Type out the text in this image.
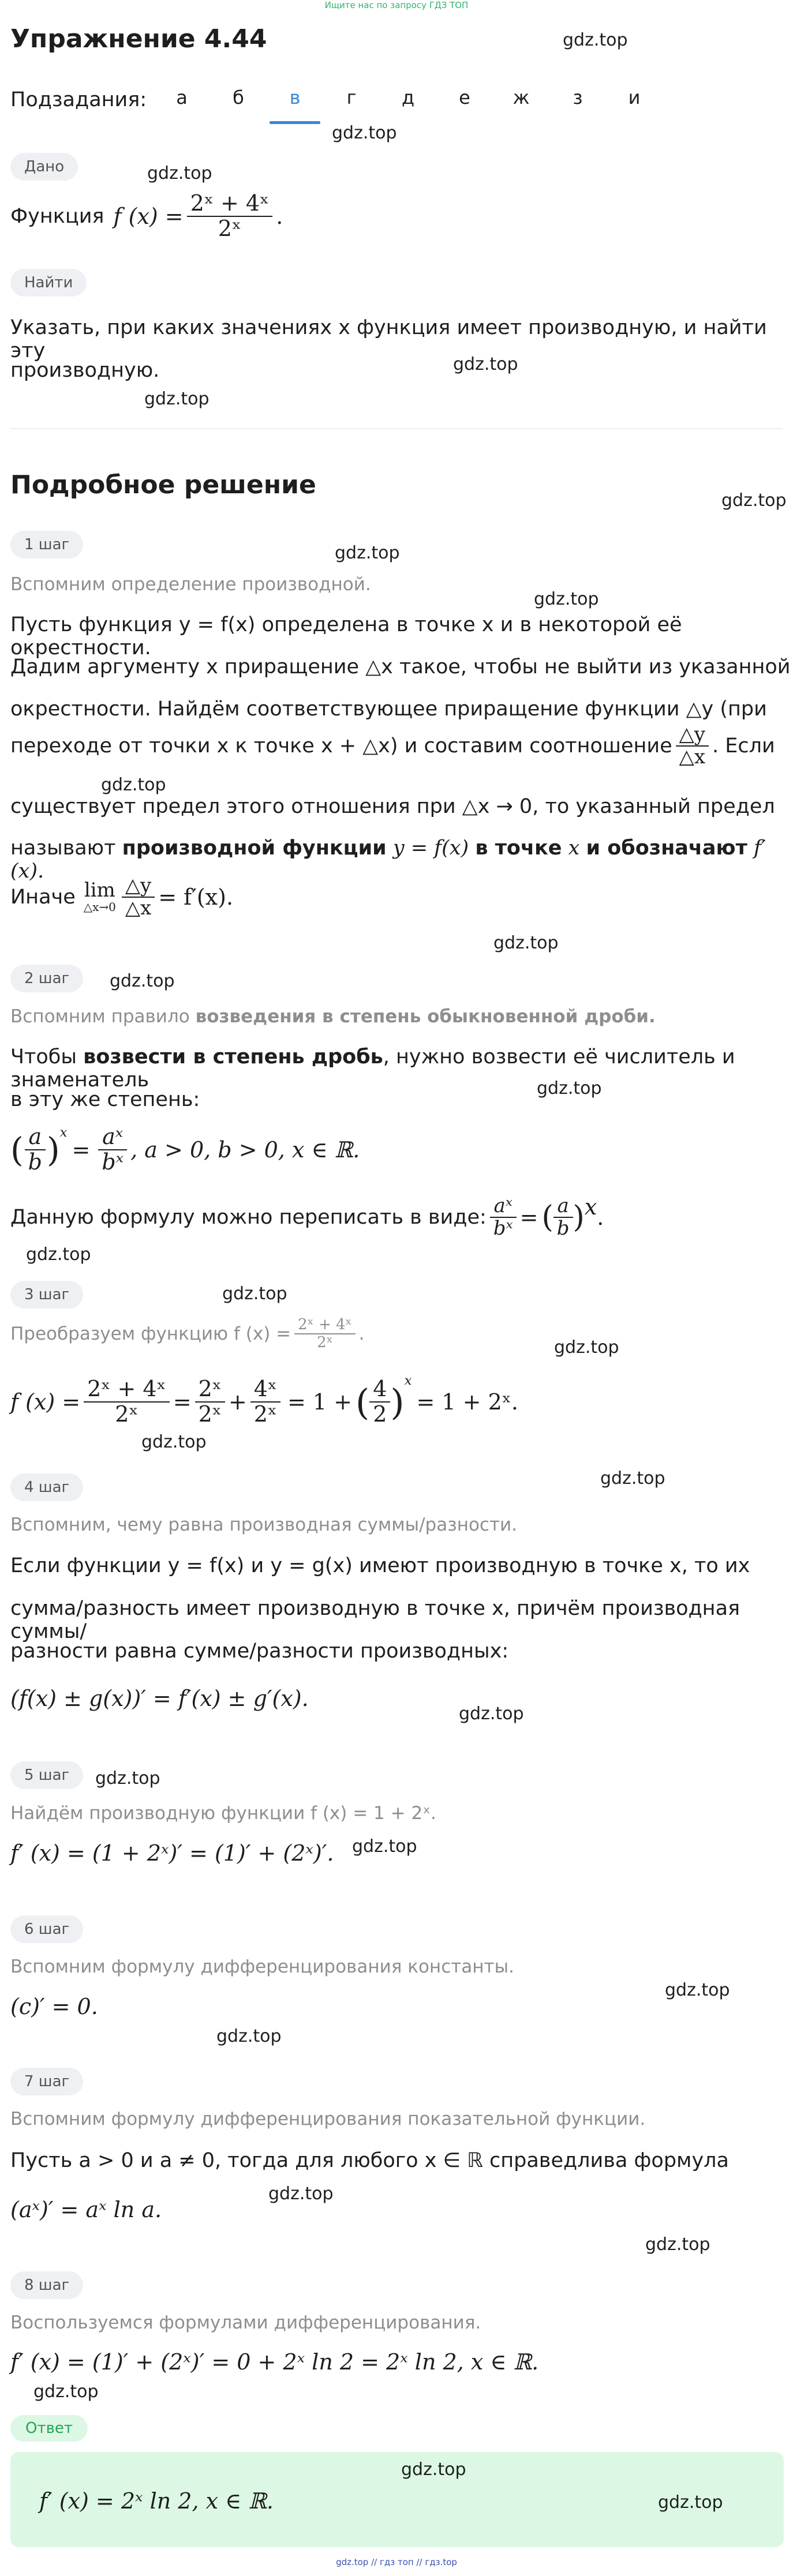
Ищите нас по запросу ГДЗ ТОП
Упражнение 4.44	gdz.top
Подзадания:	а	б	в	г	д	е	ж	з	и
gdz.top
Дано	gdz.top
Функция f $(x) = \frac{\text{2ˣ + 4ˣ}}{\text{2ˣ}}$ .
Найти
Указать, при каких значениях x функция имеет производную, и найти эту
gdz.top
производную.
gdz.top
Подробное решение
gdz.top
1 шаг	gdz.top
Вспомним определение производной.
gdz.top
Пусть функция y = f(x) определена в точке x и в некоторой её окрестности.
Дадим аргументу x приращение △x такое, чтобы не выйти из указанной
окрестности. Найдём соответствующее приращение функции △y (при
переходе от точки x к точке x + △x) и составим соотношение $\frac{\triangle y}{\triangle x}$ . Если
gdz.top
существует предел этого отношения при △x → 0, то указанный предел
называют производной функции y = f(x) в точке x и обозначают f′(x).
Иначе lim
△x→0 $\frac{\triangle y}{\triangle x} = f'(x)$.
gdz.top
2 шаг	gdz.top
Вспомним правило возведения в степень обыкновенной дроби.
Чтобы возвести в степень дробь, нужно возвести её числитель и знаменатель	gdz.top
в эту же степень:
( $\frac{a}{b} )^x$
= $\frac{\text{aˣ}}{\text{bˣ}}$ , a > 0, b > 0, x ∈ ℝ.
Данную формулу можно переписать в виде: $\frac{\text{aˣ}}{\text{bˣ}}$ = ( $\frac{a}{b}$ ) x .
gdz.top
3 шаг	gdz.top
Преобразуем функцию f $(x) = \frac{\text{2ˣ + 4ˣ}}{\text{2ˣ}}$ .
gdz.top
f $(x) = \frac{\text{2ˣ + 4ˣ}}{\text{2ˣ}} = \frac{\text{2ˣ}}{\text{2ˣ}} + \frac{\text{4ˣ}}{\text{2ˣ}} = 1$ + ( $\frac{4}{2}$ )
$^x$
= 1 + 2ˣ.
gdz.top
4 шаг	gdz.top
Вспомним, чему равна производная суммы/разности.
Если функции y = f(x) и y = g(x) имеют производную в точке x, то их
сумма/разность имеет производную в точке x, причём производная суммы/
разности равна сумме/разности производных:
(f(x) ± g(x))′ = f′(x) ± g′(x).
gdz.top
5 шаг	gdz.top
Найдём производную функции f (x) = 1 + 2ˣ.
f′ (x) = (1 + 2ˣ)′ = (1)′ + (2ˣ)′. gdz.top
6 шаг
Вспомним формулу дифференцирования константы.
gdz.top
(c)′ = 0.
gdz.top
7 шаг
Вспомним формулу дифференцирования показательной функции.
Пусть a > 0 и a ≠ 0, тогда для любого x ∈ ℝ справедлива формула
gdz.top
(aˣ)′ = aˣ ln a.
gdz.top
8 шаг
Воспользуемся формулами дифференцирования.
f′ (x) = (1)′ + (2ˣ)′ = 0 + 2ˣ ln 2 = 2ˣ ln 2, x ∈ ℝ.
gdz.top
Ответ
gdz.top
f′ (x) = 2ˣ ln 2, x ∈ ℝ.	gdz.top
gdz.top // гдз топ // гдз.top
